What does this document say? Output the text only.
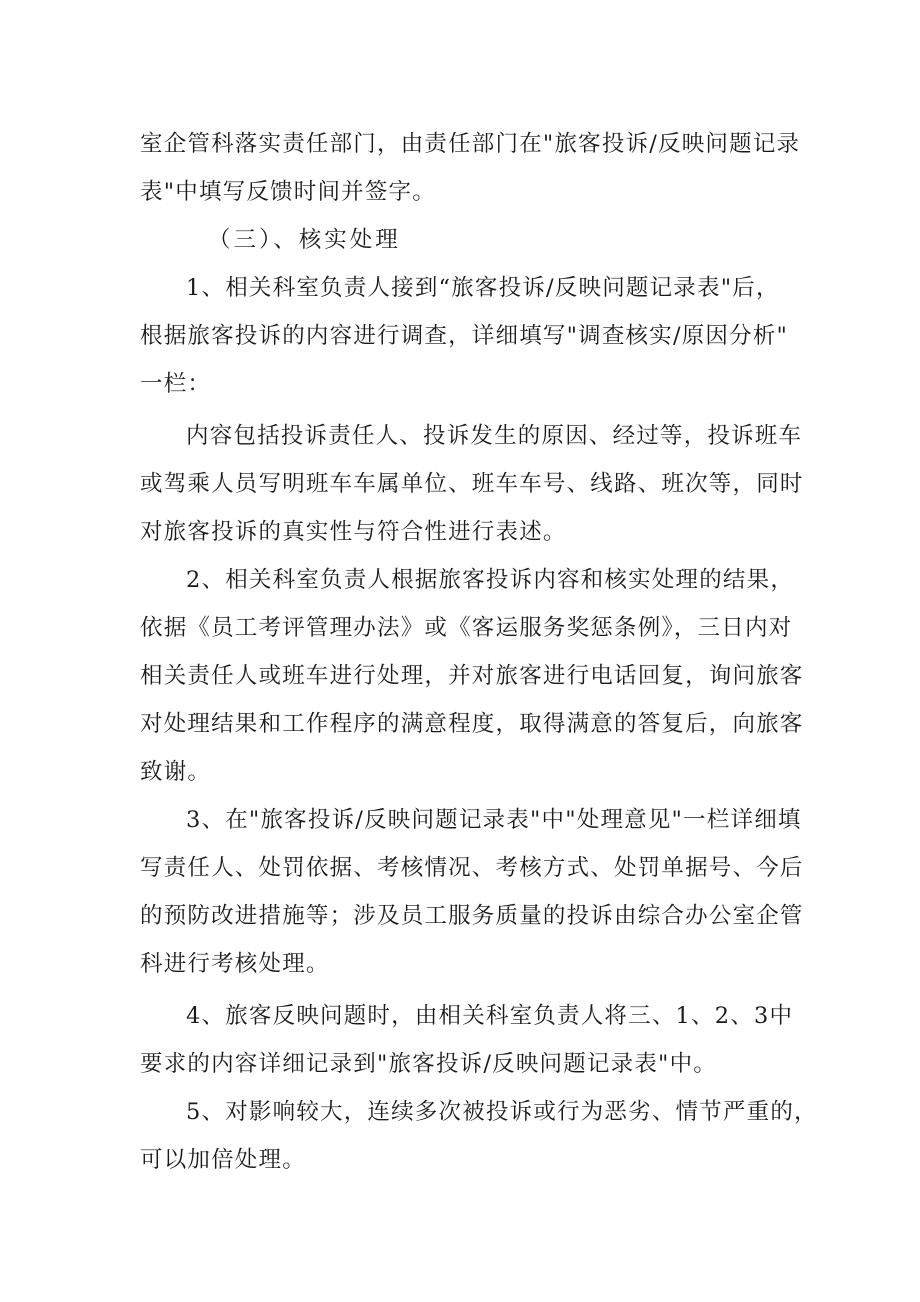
室企管科落实责任部门，由责任部门在"旅客投诉/反映问题记录
表"中填写反馈时间并签字。
（三）、核实处理
1、相关科室负责人接到“旅客投诉/反映问题记录表"后，
根据旅客投诉的内容进行调查，详细填写"调查核实/原因分析"
一栏：
内容包括投诉责任人、投诉发生的原因、经过等，投诉班车
或驾乘人员写明班车车属单位、班车车号、线路、班次等，同时
对旅客投诉的真实性与符合性进行表述。
2、相关科室负责人根据旅客投诉内容和核实处理的结果，
依据《员工考评管理办法》或《客运服务奖惩条例》，三日内对
相关责任人或班车进行处理，并对旅客进行电话回复，询问旅客
对处理结果和工作程序的满意程度，取得满意的答复后，向旅客
致谢。
3、在"旅客投诉/反映问题记录表"中"处理意见"一栏详细填
写责任人、处罚依据、考核情况、考核方式、处罚单据号、今后
的预防改进措施等；涉及员工服务质量的投诉由综合办公室企管
科进行考核处理。
4、旅客反映问题时，由相关科室负责人将三、1、2、3中
要求的内容详细记录到"旅客投诉/反映问题记录表"中。
5、对影响较大，连续多次被投诉或行为恶劣、情节严重的，
可以加倍处理。
